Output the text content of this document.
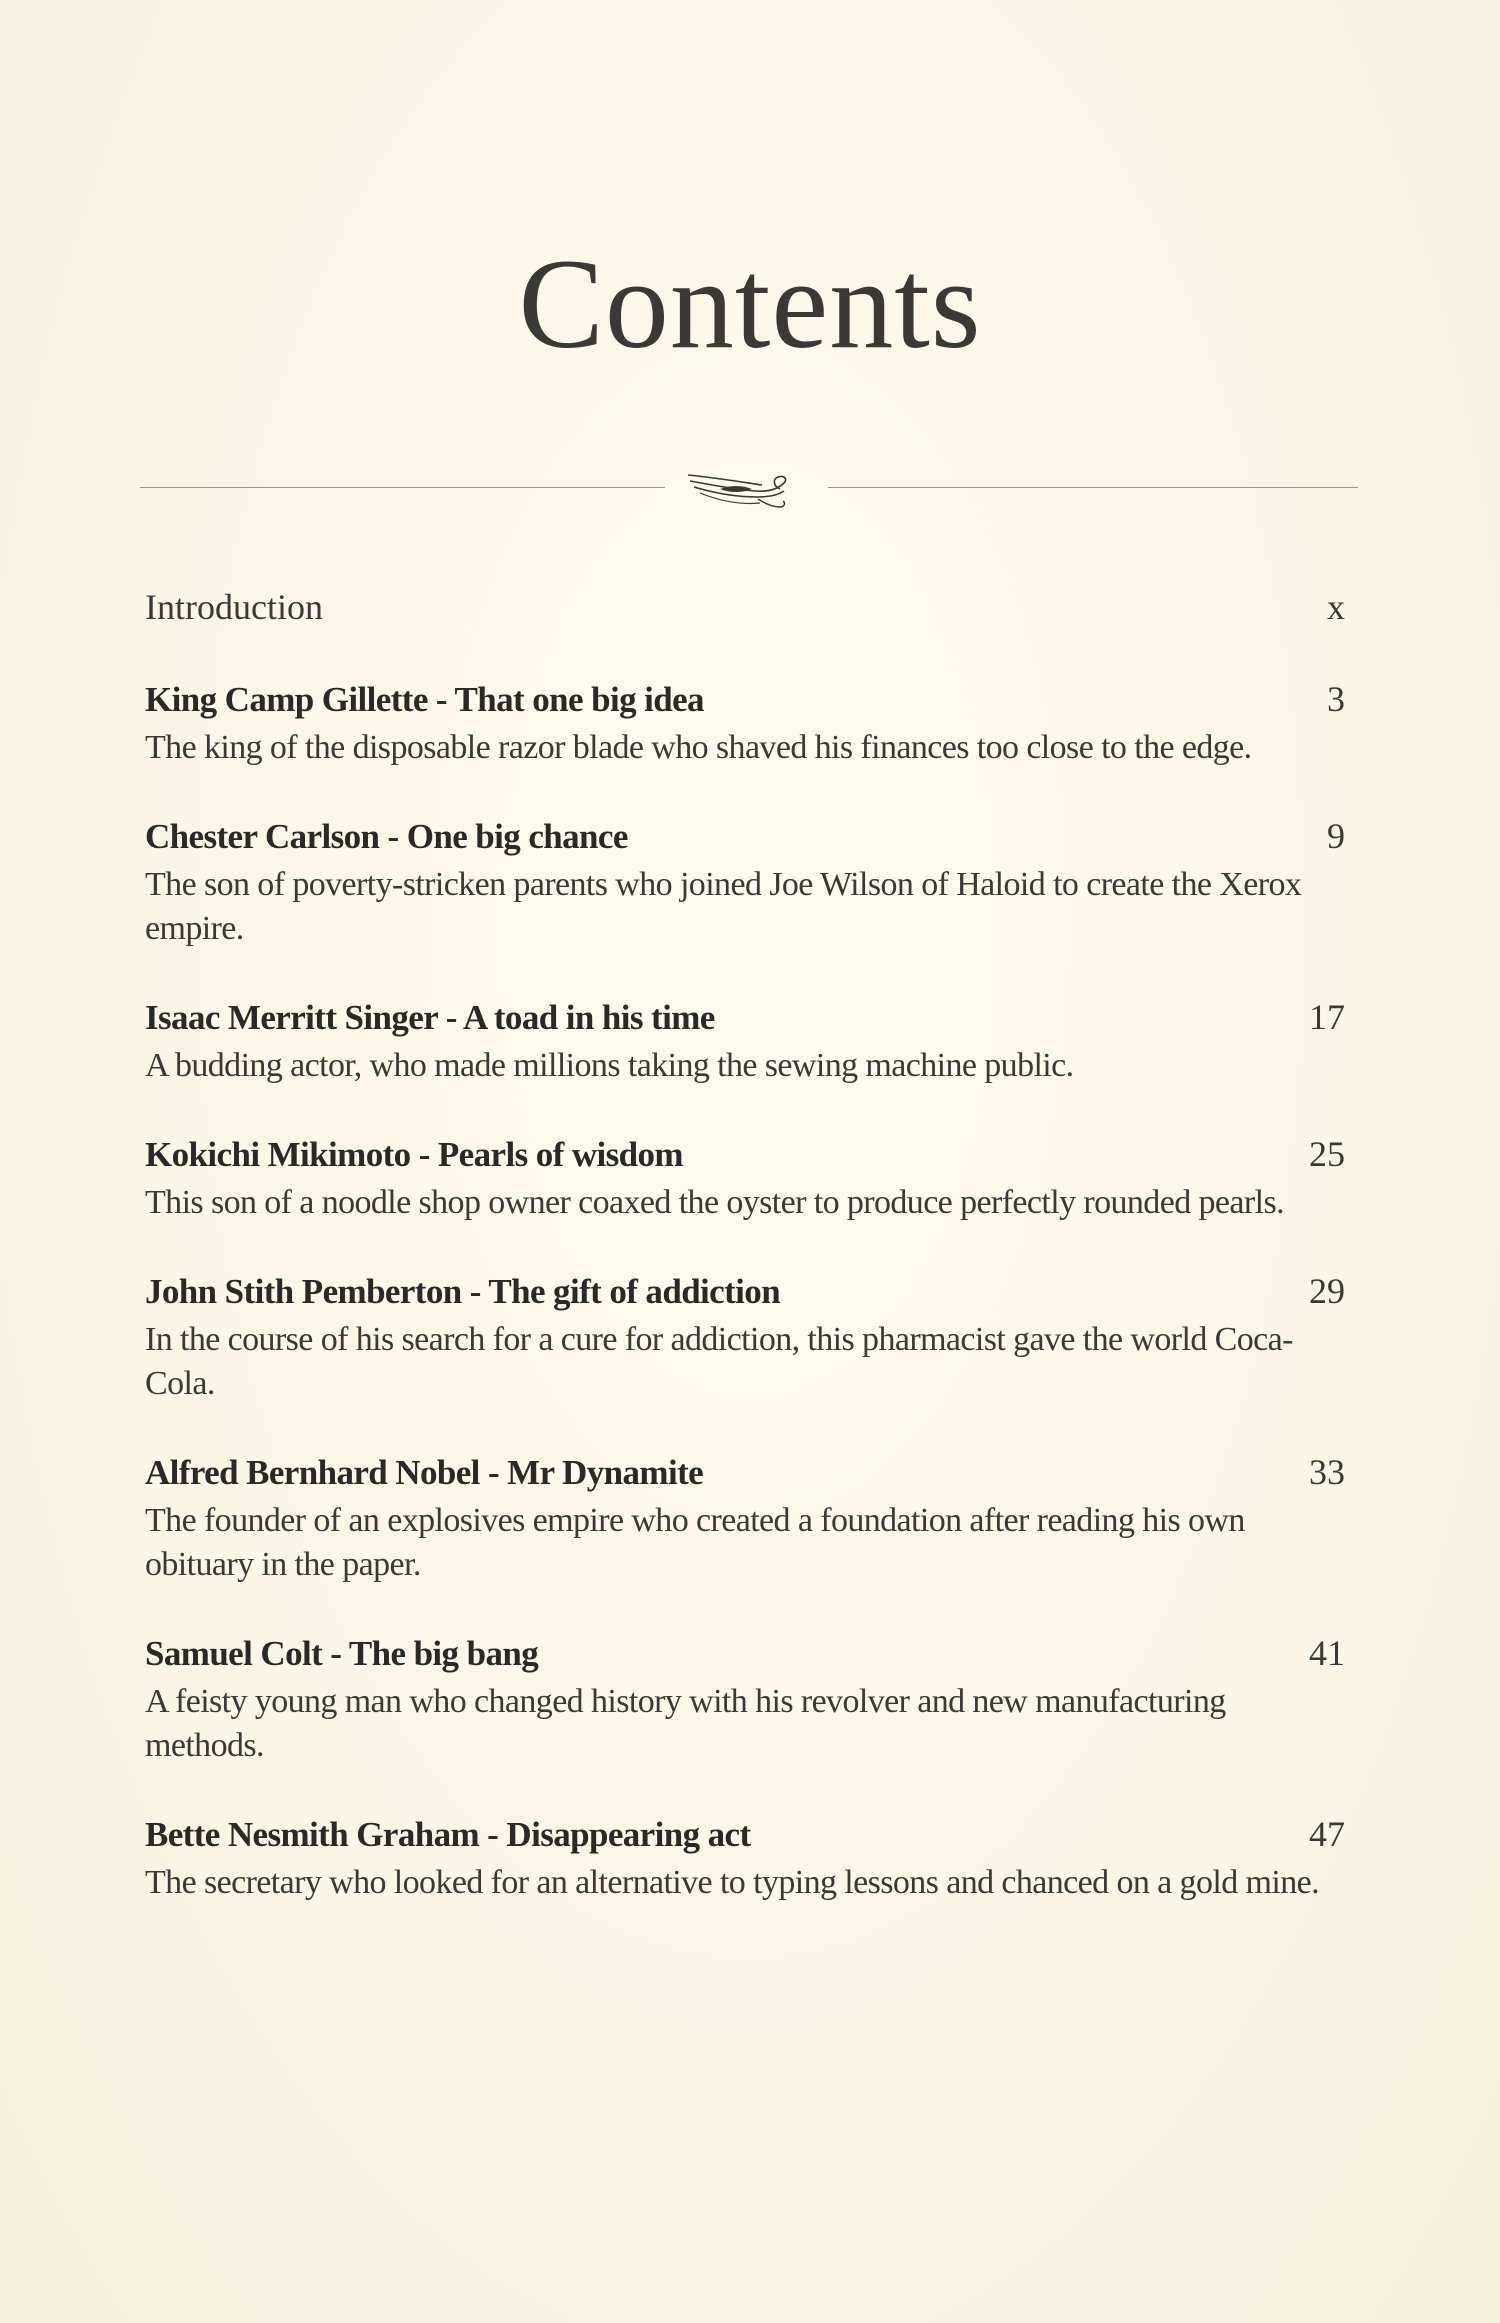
Contents
Introduction	x
King Camp Gillette - That one big idea	3
The king of the disposable razor blade who shaved his finances too close to the edge.
Chester Carlson - One big chance	9
The son of poverty-stricken parents who joined Joe Wilson of Haloid to create the Xerox empire.
Isaac Merritt Singer - A toad in his time	17
A budding actor, who made millions taking the sewing machine public.
Kokichi Mikimoto - Pearls of wisdom	25
This son of a noodle shop owner coaxed the oyster to produce perfectly rounded pearls.
John Stith Pemberton - The gift of addiction	29
In the course of his search for a cure for addiction, this pharmacist gave the world Coca-Cola.
Alfred Bernhard Nobel - Mr Dynamite	33
The founder of an explosives empire who created a foundation after reading his own obituary in the paper.
Samuel Colt - The big bang	41
A feisty young man who changed history with his revolver and new manufacturing methods.
Bette Nesmith Graham - Disappearing act	47
The secretary who looked for an alternative to typing lessons and chanced on a gold mine.
